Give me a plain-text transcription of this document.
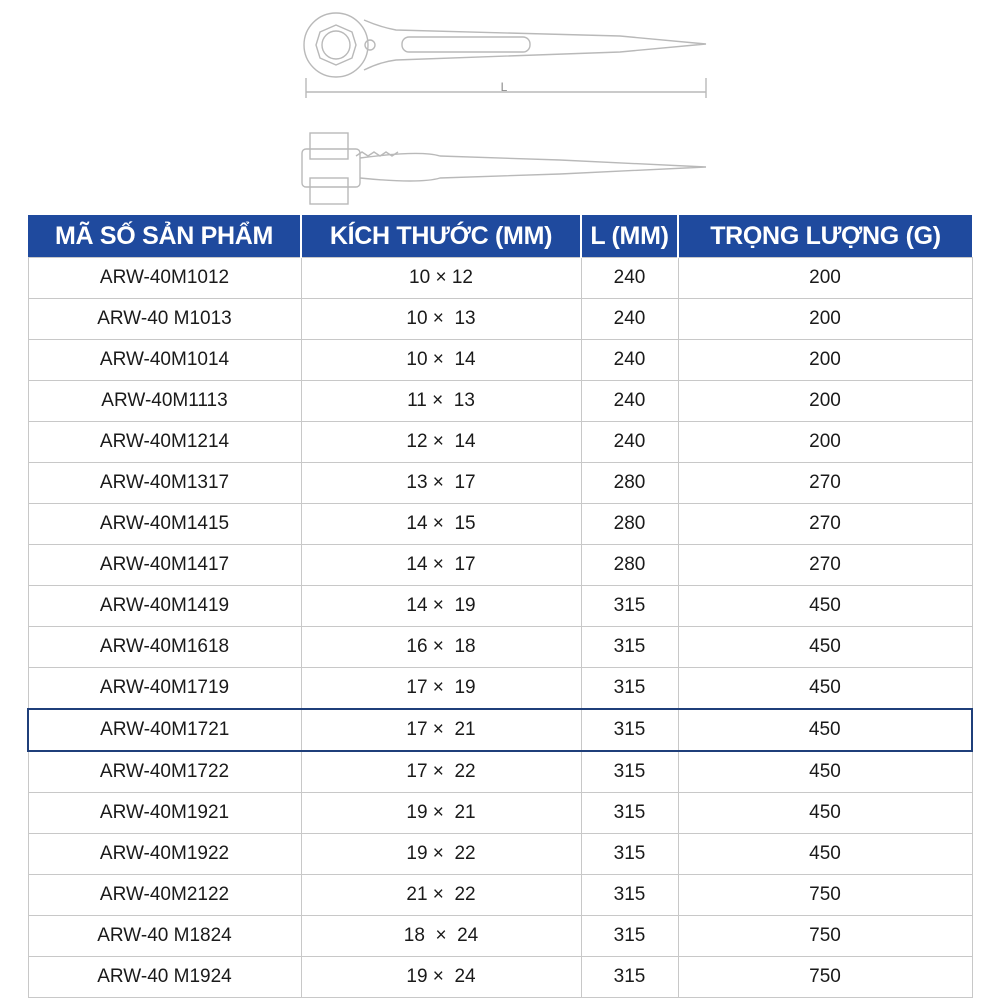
L
MÃ SỐ SẢN PHẨM	KÍCH THƯỚC (MM)	L (MM)	TRỌNG LƯỢNG (G)
ARW-40M1012	10 × 12	240	200
ARW-40 M1013	10 ×  13	240	200
ARW-40M1014	10 ×  14	240	200
ARW-40M1113	11 ×  13	240	200
ARW-40M1214	12 ×  14	240	200
ARW-40M1317	13 ×  17	280	270
ARW-40M1415	14 ×  15	280	270
ARW-40M1417	14 ×  17	280	270
ARW-40M1419	14 ×  19	315	450
ARW-40M1618	16 ×  18	315	450
ARW-40M1719	17 ×  19	315	450
ARW-40M1721	17 ×  21	315	450
ARW-40M1722	17 ×  22	315	450
ARW-40M1921	19 ×  21	315	450
ARW-40M1922	19 ×  22	315	450
ARW-40M2122	21 ×  22	315	750
ARW-40 M1824	18  ×  24	315	750
ARW-40 M1924	19 ×  24	315	750
